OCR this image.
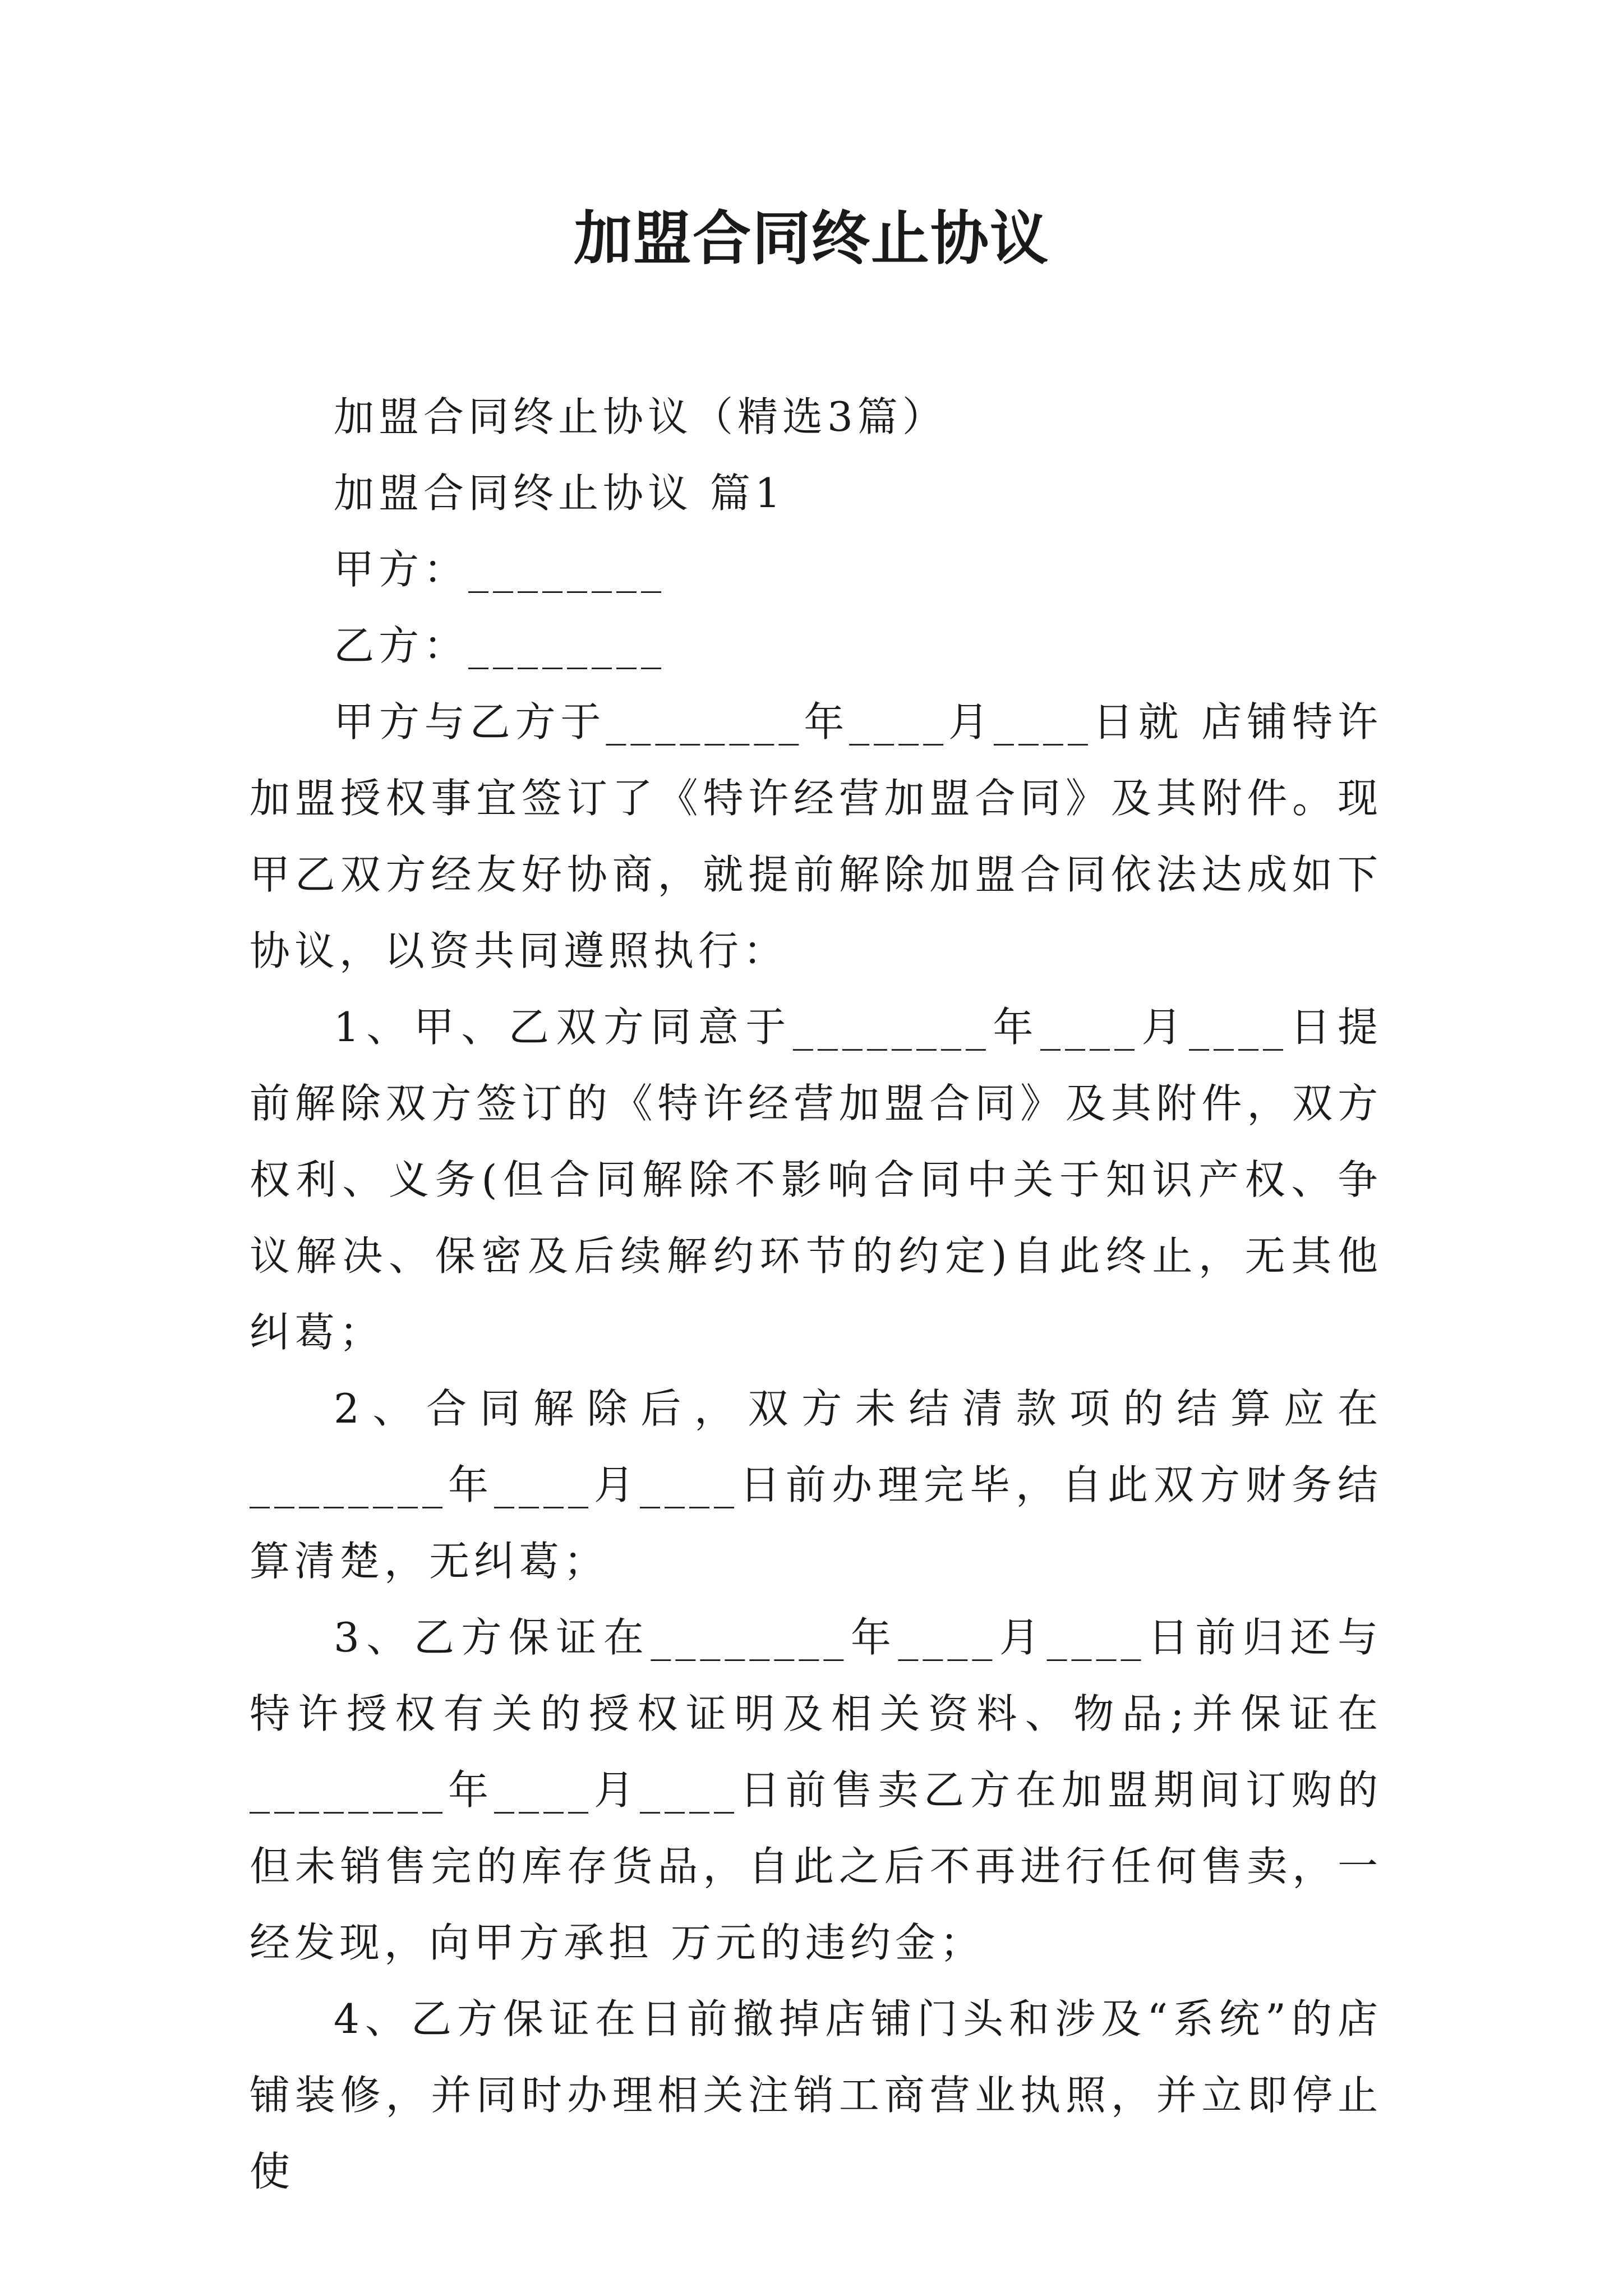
加盟合同终止协议

加盟合同终止协议（精选3篇）

加盟合同终止协议 篇1

甲方：________

乙方：________

甲方与乙方于________年____月____日就 店铺特许加盟授权事宜签订了《特许经营加盟合同》及其附件。现甲乙双方经友好协商，就提前解除加盟合同依法达成如下协议，以资共同遵照执行：

1、甲、乙双方同意于________年____月____日提前解除双方签订的《特许经营加盟合同》及其附件，双方权利、义务(但合同解除不影响合同中关于知识产权、争议解决、保密及后续解约环节的约定)自此终止，无其他纠葛；

2、合同解除后，双方未结清款项的结算应在________年____月____日前办理完毕，自此双方财务结算清楚，无纠葛；

3、乙方保证在________年____月____日前归还与特许授权有关的授权证明及相关资料、物品;并保证在________年____月____日前售卖乙方在加盟期间订购的但未销售完的库存货品，自此之后不再进行任何售卖，一经发现，向甲方承担 万元的违约金；

4、乙方保证在日前撤掉店铺门头和涉及“系统”的店铺装修，并同时办理相关注销工商营业执照，并立即停止使
